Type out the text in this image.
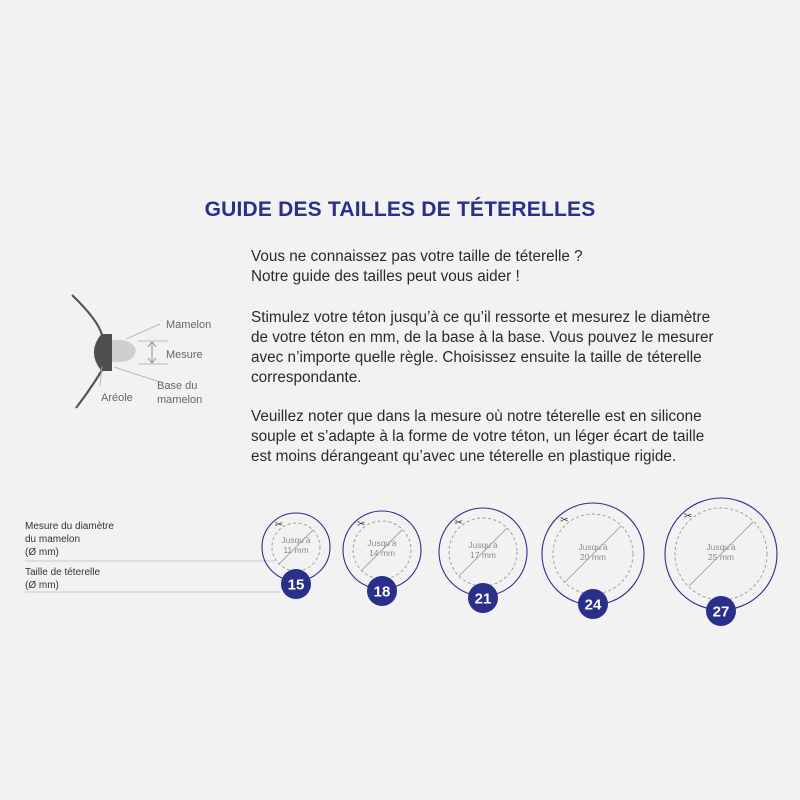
GUIDE DES TAILLES DE TÉTERELLES

Vous ne connaissez pas votre taille de téterelle ?
Notre guide des tailles peut vous aider !

Stimulez votre téton jusqu’à ce qu’il ressorte et mesurez le diamètre
de votre téton en mm, de la base à la base. Vous pouvez le mesurer
avec n’importe quelle règle. Choisissez ensuite la taille de téterelle
correspondante.

Veuillez noter que dans la mesure où notre téterelle est en silicone
souple et s’adapte à la forme de votre téton, un léger écart de taille
est moins dérangeant qu’avec une téterelle en plastique rigide.

Mamelon
Mesure
Base du
mamelon
Aréole
Mesure du diamètre
du mamelon
(Ø mm)
Taille de téterelle
(Ø mm)
✂
Jusqu’à
11 mm
15
✂
Jusqu’à
14 mm
18
✂
Jusqu’à
17 mm
21
✂
Jusqu’à
20 mm
24
✂
Jusqu’à
25 mm
27
